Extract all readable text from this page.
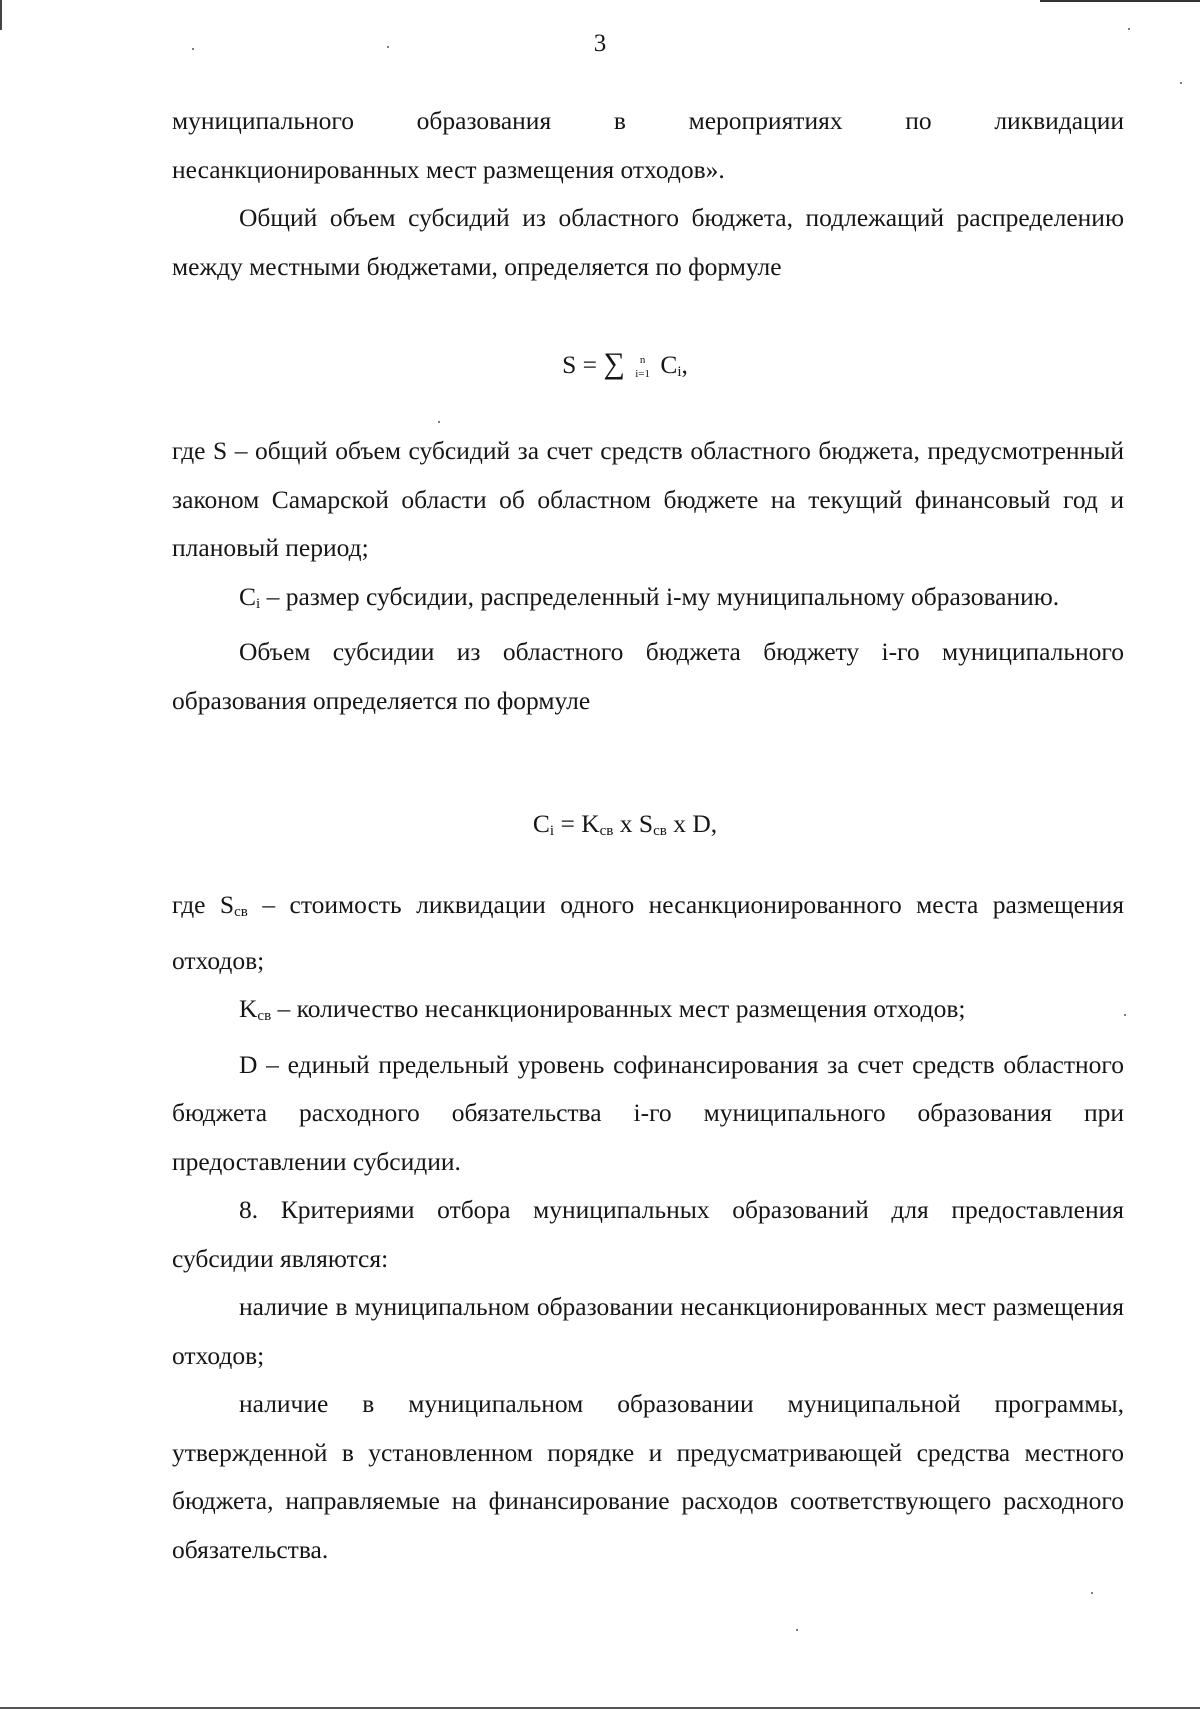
3
муниципального образования в мероприятиях по ликвидации

несанкционированных мест размещения отходов».

Общий объем субсидий из областного бюджета, подлежащий распределению между местными бюджетами, определяется по формуле

S = ∑	n
i=1 $C_i$,

где S – общий объем субсидий за счет средств областного бюджета, предусмотренный законом Самарской области об областном бюджете на текущий финансовый год и плановый период;

$C_i$ – размер субсидии, распределенный i-му муниципальному образованию.

Объем субсидии из областного бюджета бюджету i-го муниципального образования определяется по формуле

$C_i = K_{св}$ x $S_{св}$ x D,

где $S_{св}$ – стоимость ликвидации одного несанкционированного места размещения отходов;

$K_{св}$ – количество несанкционированных мест размещения отходов;

D – единый предельный уровень софинансирования за счет средств областного бюджета расходного обязательства i-го муниципального образования при предоставлении субсидии.

8. Критериями отбора муниципальных образований для предоставления субсидии являются:

наличие в муниципальном образовании несанкционированных мест размещения отходов;

наличие в муниципальном образовании муниципальной программы, утвержденной в установленном порядке и предусматривающей средства местного бюджета, направляемые на финансирование расходов соответствующего расходного обязательства.
